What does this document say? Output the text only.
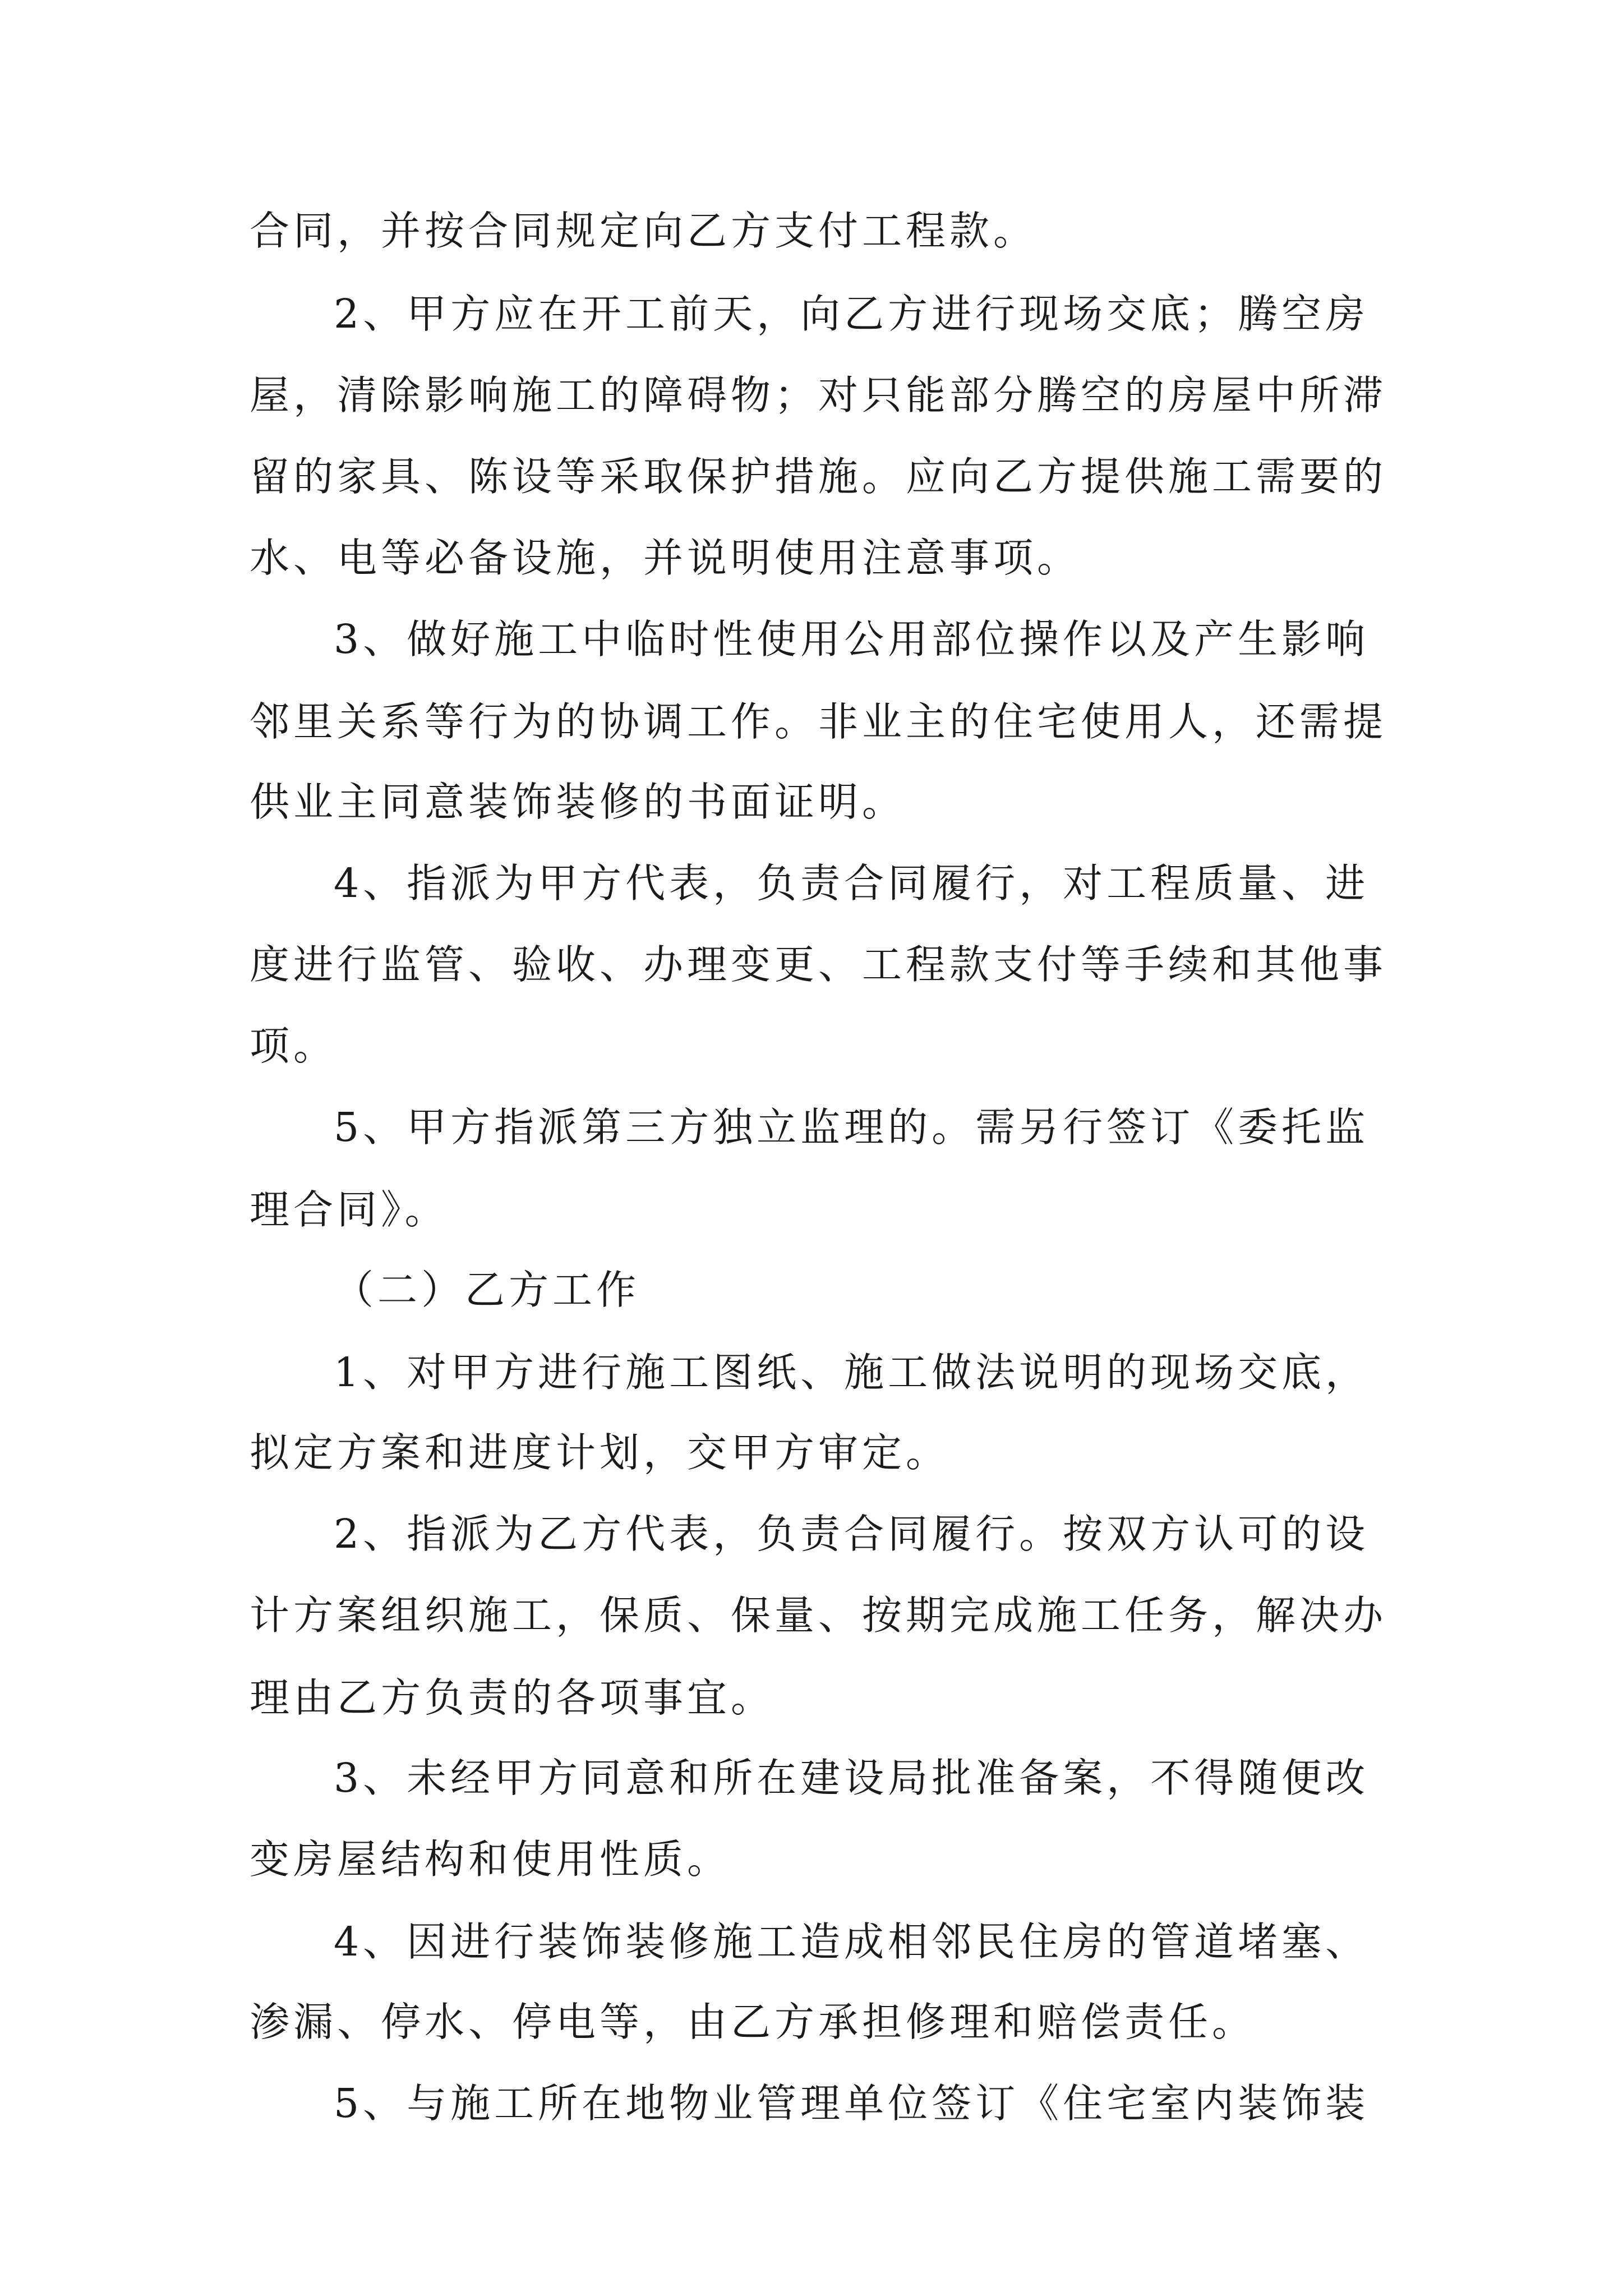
合同，并按合同规定向乙方支付工程款。
2、甲方应在开工前天，向乙方进行现场交底；腾空房
屋，清除影响施工的障碍物；对只能部分腾空的房屋中所滞
留的家具、陈设等采取保护措施。应向乙方提供施工需要的
水、电等必备设施，并说明使用注意事项。
3、做好施工中临时性使用公用部位操作以及产生影响
邻里关系等行为的协调工作。非业主的住宅使用人，还需提
供业主同意装饰装修的书面证明。
4、指派为甲方代表，负责合同履行，对工程质量、进
度进行监管、验收、办理变更、工程款支付等手续和其他事
项。
5、甲方指派第三方独立监理的。需另行签订《委托监
理合同》。
（二）乙方工作
1、对甲方进行施工图纸、施工做法说明的现场交底，
拟定方案和进度计划，交甲方审定。
2、指派为乙方代表，负责合同履行。按双方认可的设
计方案组织施工，保质、保量、按期完成施工任务，解决办
理由乙方负责的各项事宜。
3、未经甲方同意和所在建设局批准备案，不得随便改
变房屋结构和使用性质。
4、因进行装饰装修施工造成相邻民住房的管道堵塞、
渗漏、停水、停电等，由乙方承担修理和赔偿责任。
5、与施工所在地物业管理单位签订《住宅室内装饰装
